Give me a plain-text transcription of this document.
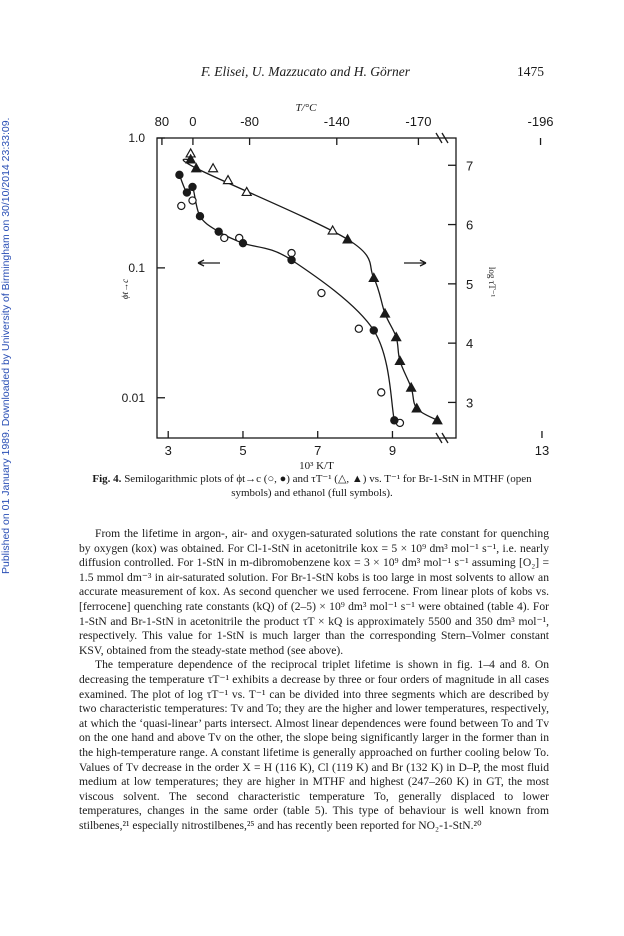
Published on 01 January 1989. Downloaded by University of Birmingham on 30/10/2014 23:33:09.
F. Elisei, U. Mazzucato and H. Görner	1475
3	5	7	9	13
10³ K/T
80 0	-80	-140	-170	-196
T/°C
1.0
0.1
0.01
ϕt→c
7
6
5
4
3
log τT⁻¹
Fig. 4. Semilogarithmic plots of ϕt→c (○, ●) and τT⁻¹ (△, ▲) vs. T⁻¹ for Br-1-StN in MTHF (open symbols) and ethanol (full symbols).

From the lifetime in argon-, air- and oxygen-saturated solutions the rate constant for quenching by oxygen (kox) was obtained. For Cl-1-StN in acetonitrile kox = 5 × 10⁹ dm³ mol⁻¹ s⁻¹, i.e. nearly diffusion controlled. For 1-StN in m-dibromobenzene kox = 3 × 10⁹ dm³ mol⁻¹ s⁻¹ assuming [O₂] = 1.5 mmol dm⁻³ in air-saturated solution. For Br-1-StN kobs is too large in most solvents to allow an accurate measurement of kox. As second quencher we used ferrocene. From linear plots of kobs vs. [ferrocene] quenching rate constants (kQ) of (2–5) × 10⁹ dm³ mol⁻¹ s⁻¹ were obtained (table 4). For 1-StN and Br-1-StN in acetonitrile the product τT × kQ is approximately 5500 and 350 dm³ mol⁻¹, respectively. This value for 1-StN is much larger than the corresponding Stern–Volmer constant KSV, obtained from the steady-state method (see above).

The temperature dependence of the reciprocal triplet lifetime is shown in fig. 1–4 and 8. On decreasing the temperature τT⁻¹ exhibits a decrease by three or four orders of magnitude in all cases examined. The plot of log τT⁻¹ vs. T⁻¹ can be divided into three segments which are described by two characteristic temperatures: Tv and To; they are the higher and lower temperatures, respectively, at which the ‘quasi-linear’ parts intersect. Almost linear dependences were found between To and Tv on the one hand and above Tv on the other, the slope being significantly larger in the former than in the high-temperature range. A constant lifetime is generally approached on further cooling below To. Values of Tv decrease in the order X = H (116 K), Cl (119 K) and Br (132 K) in D–P, the most fluid medium at low temperatures; they are higher in MTHF and highest (247–260 K) in GT, the most viscous solvent. The second characteristic temperature To, generally displaced to lower temperatures, changes in the same order (table 5). This type of behaviour is well known from stilbenes,²¹ especially nitrostilbenes,²⁵ and has recently been reported for NO₂-1-StN.²⁰
